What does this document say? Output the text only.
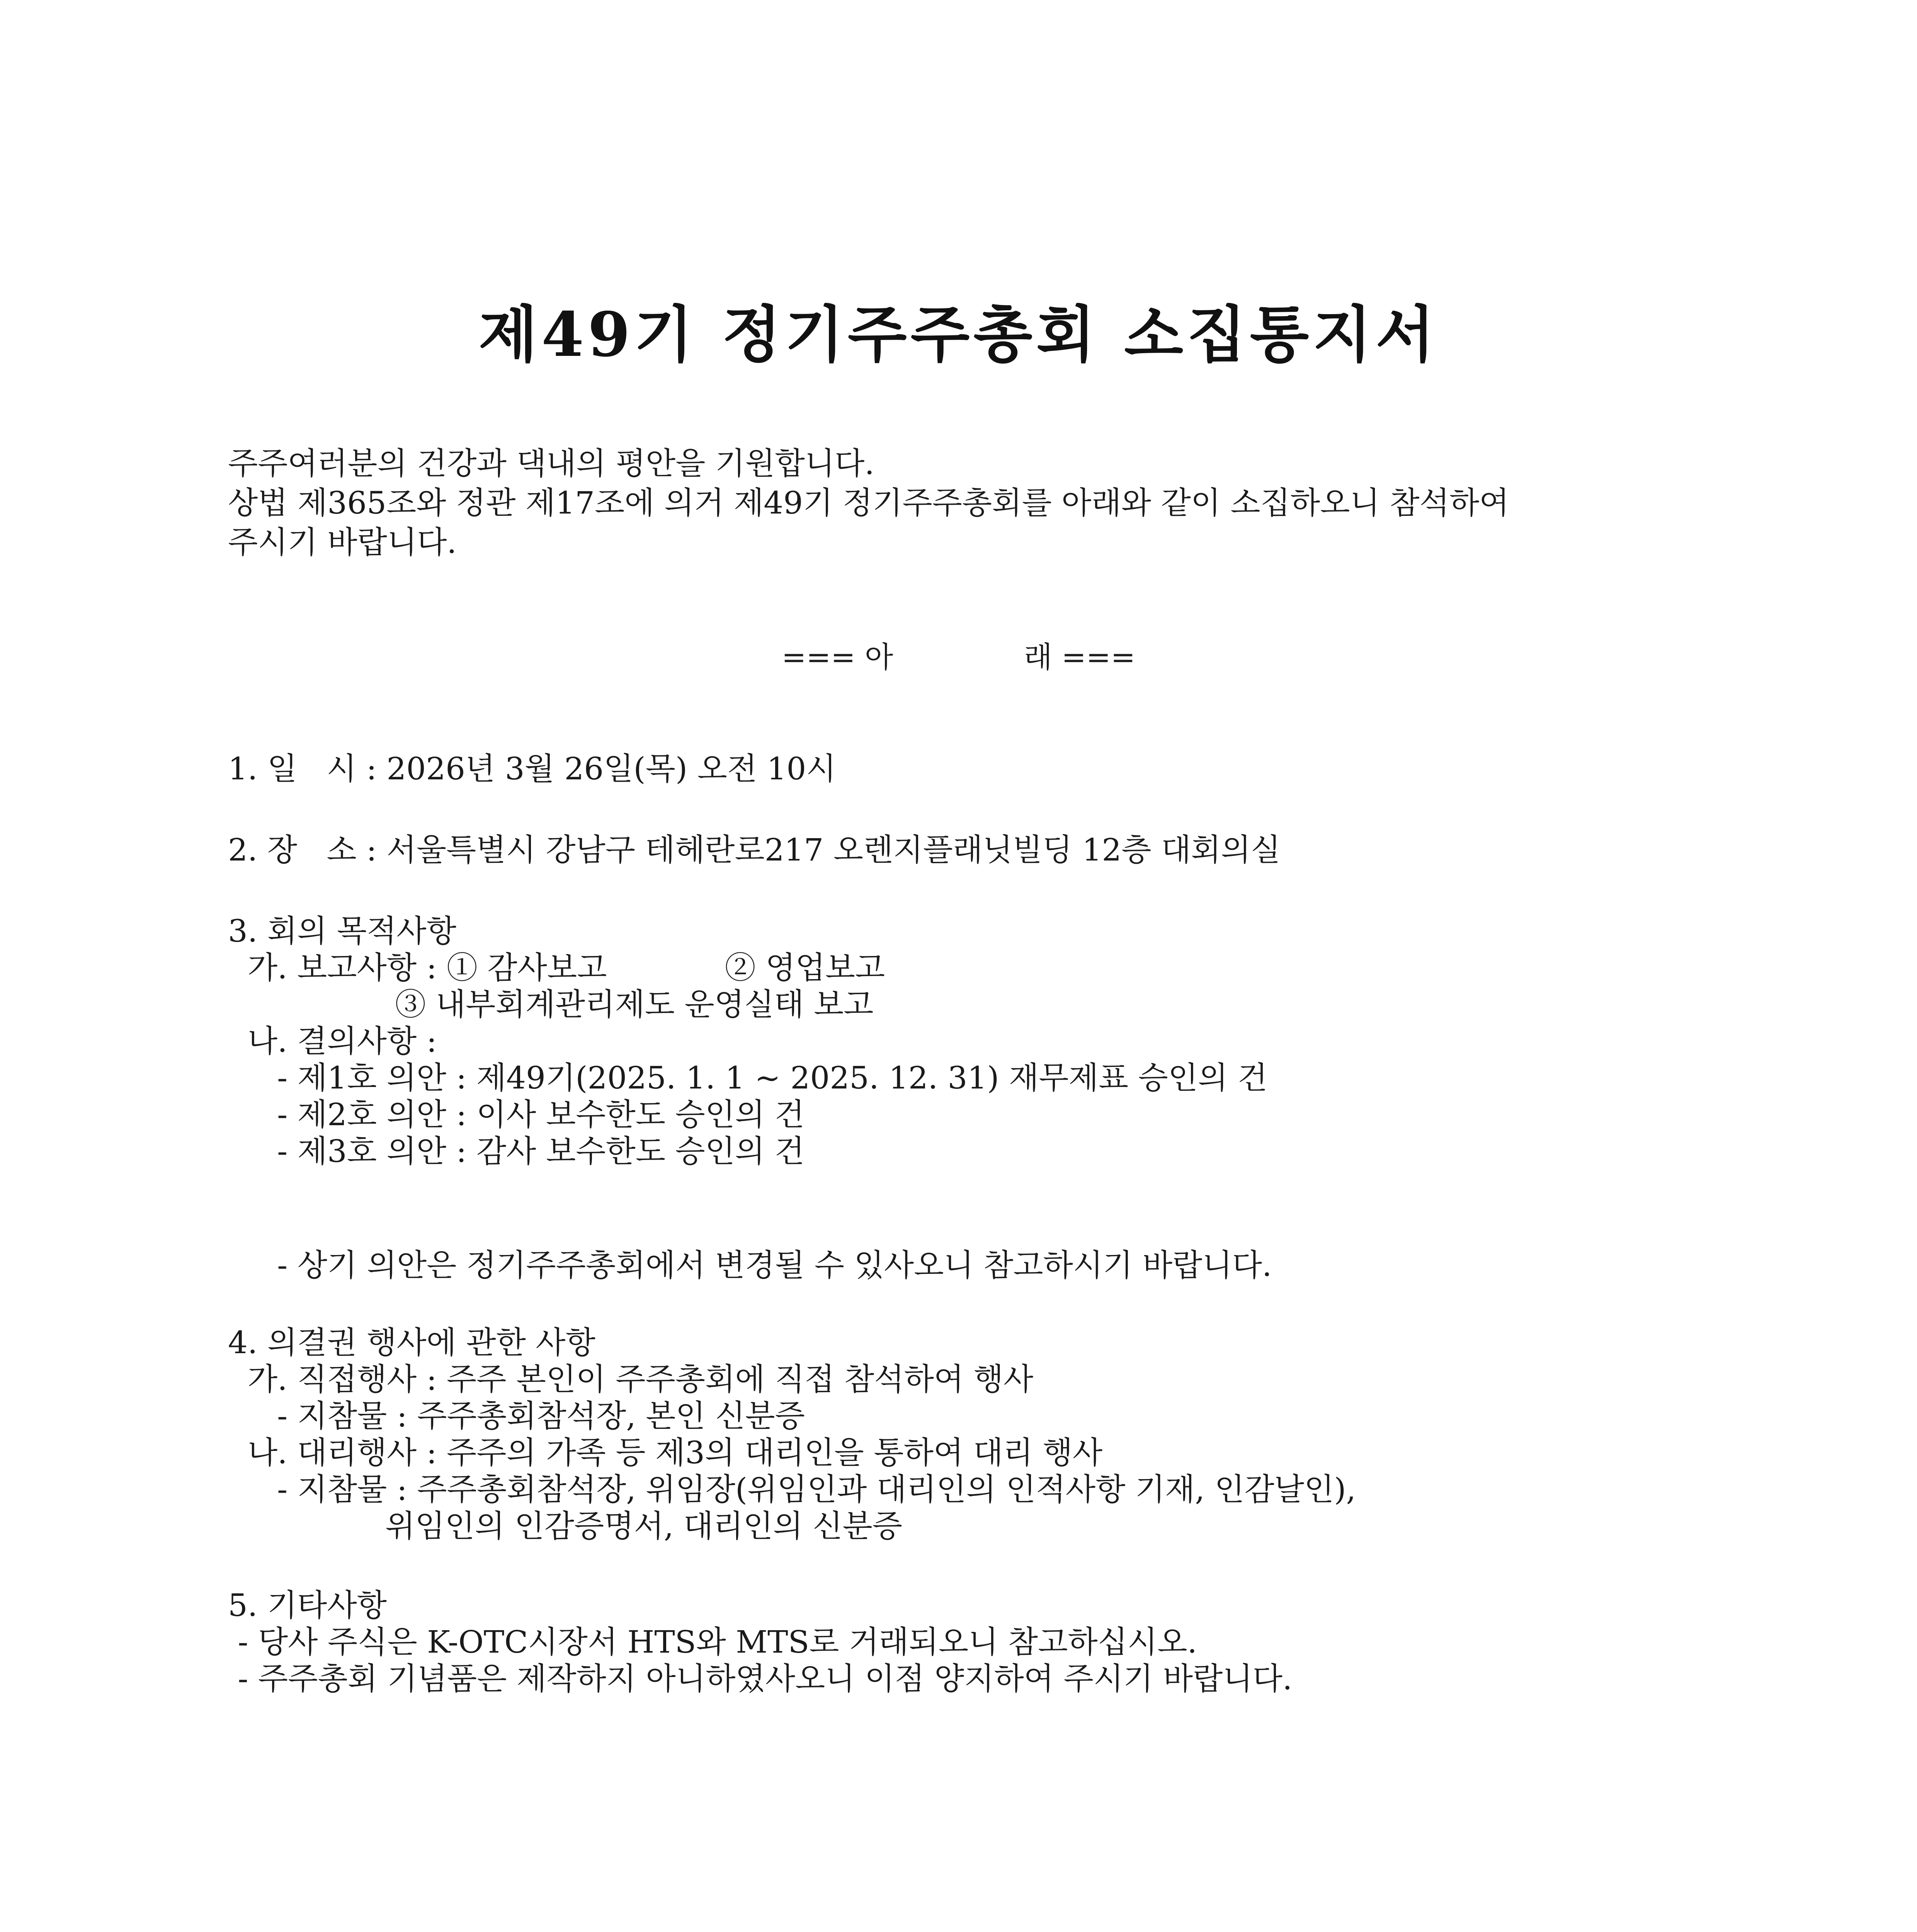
제49기 정기주주총회 소집통지서
주주여러분의 건강과 댁내의 평안을 기원합니다.
상법 제365조와 정관 제17조에 의거 제49기 정기주주총회를 아래와 같이 소집하오니 참석하여
주시기 바랍니다.
=== 아              래 ===
1. 일   시 : 2026년 3월 26일(목) 오전 10시
2. 장   소 : 서울특별시 강남구 테헤란로217 오렌지플래닛빌딩 12층 대회의실
3. 회의 목적사항
가. 보고사항 : ① 감사보고            ② 영업보고
③ 내부회계관리제도 운영실태 보고
나. 결의사항 :
- 제1호 의안 : 제49기(2025. 1. 1 ~ 2025. 12. 31) 재무제표 승인의 건
- 제2호 의안 : 이사 보수한도 승인의 건
- 제3호 의안 : 감사 보수한도 승인의 건
- 상기 의안은 정기주주총회에서 변경될 수 있사오니 참고하시기 바랍니다.
4. 의결권 행사에 관한 사항
가. 직접행사 : 주주 본인이 주주총회에 직접 참석하여 행사
- 지참물 : 주주총회참석장, 본인 신분증
나. 대리행사 : 주주의 가족 등 제3의 대리인을 통하여 대리 행사
- 지참물 : 주주총회참석장, 위임장(위임인과 대리인의 인적사항 기재, 인감날인),
위임인의 인감증명서, 대리인의 신분증
5. 기타사항
- 당사 주식은 K-OTC시장서 HTS와 MTS로 거래되오니 참고하십시오.
- 주주총회 기념품은 제작하지 아니하였사오니 이점 양지하여 주시기 바랍니다.
